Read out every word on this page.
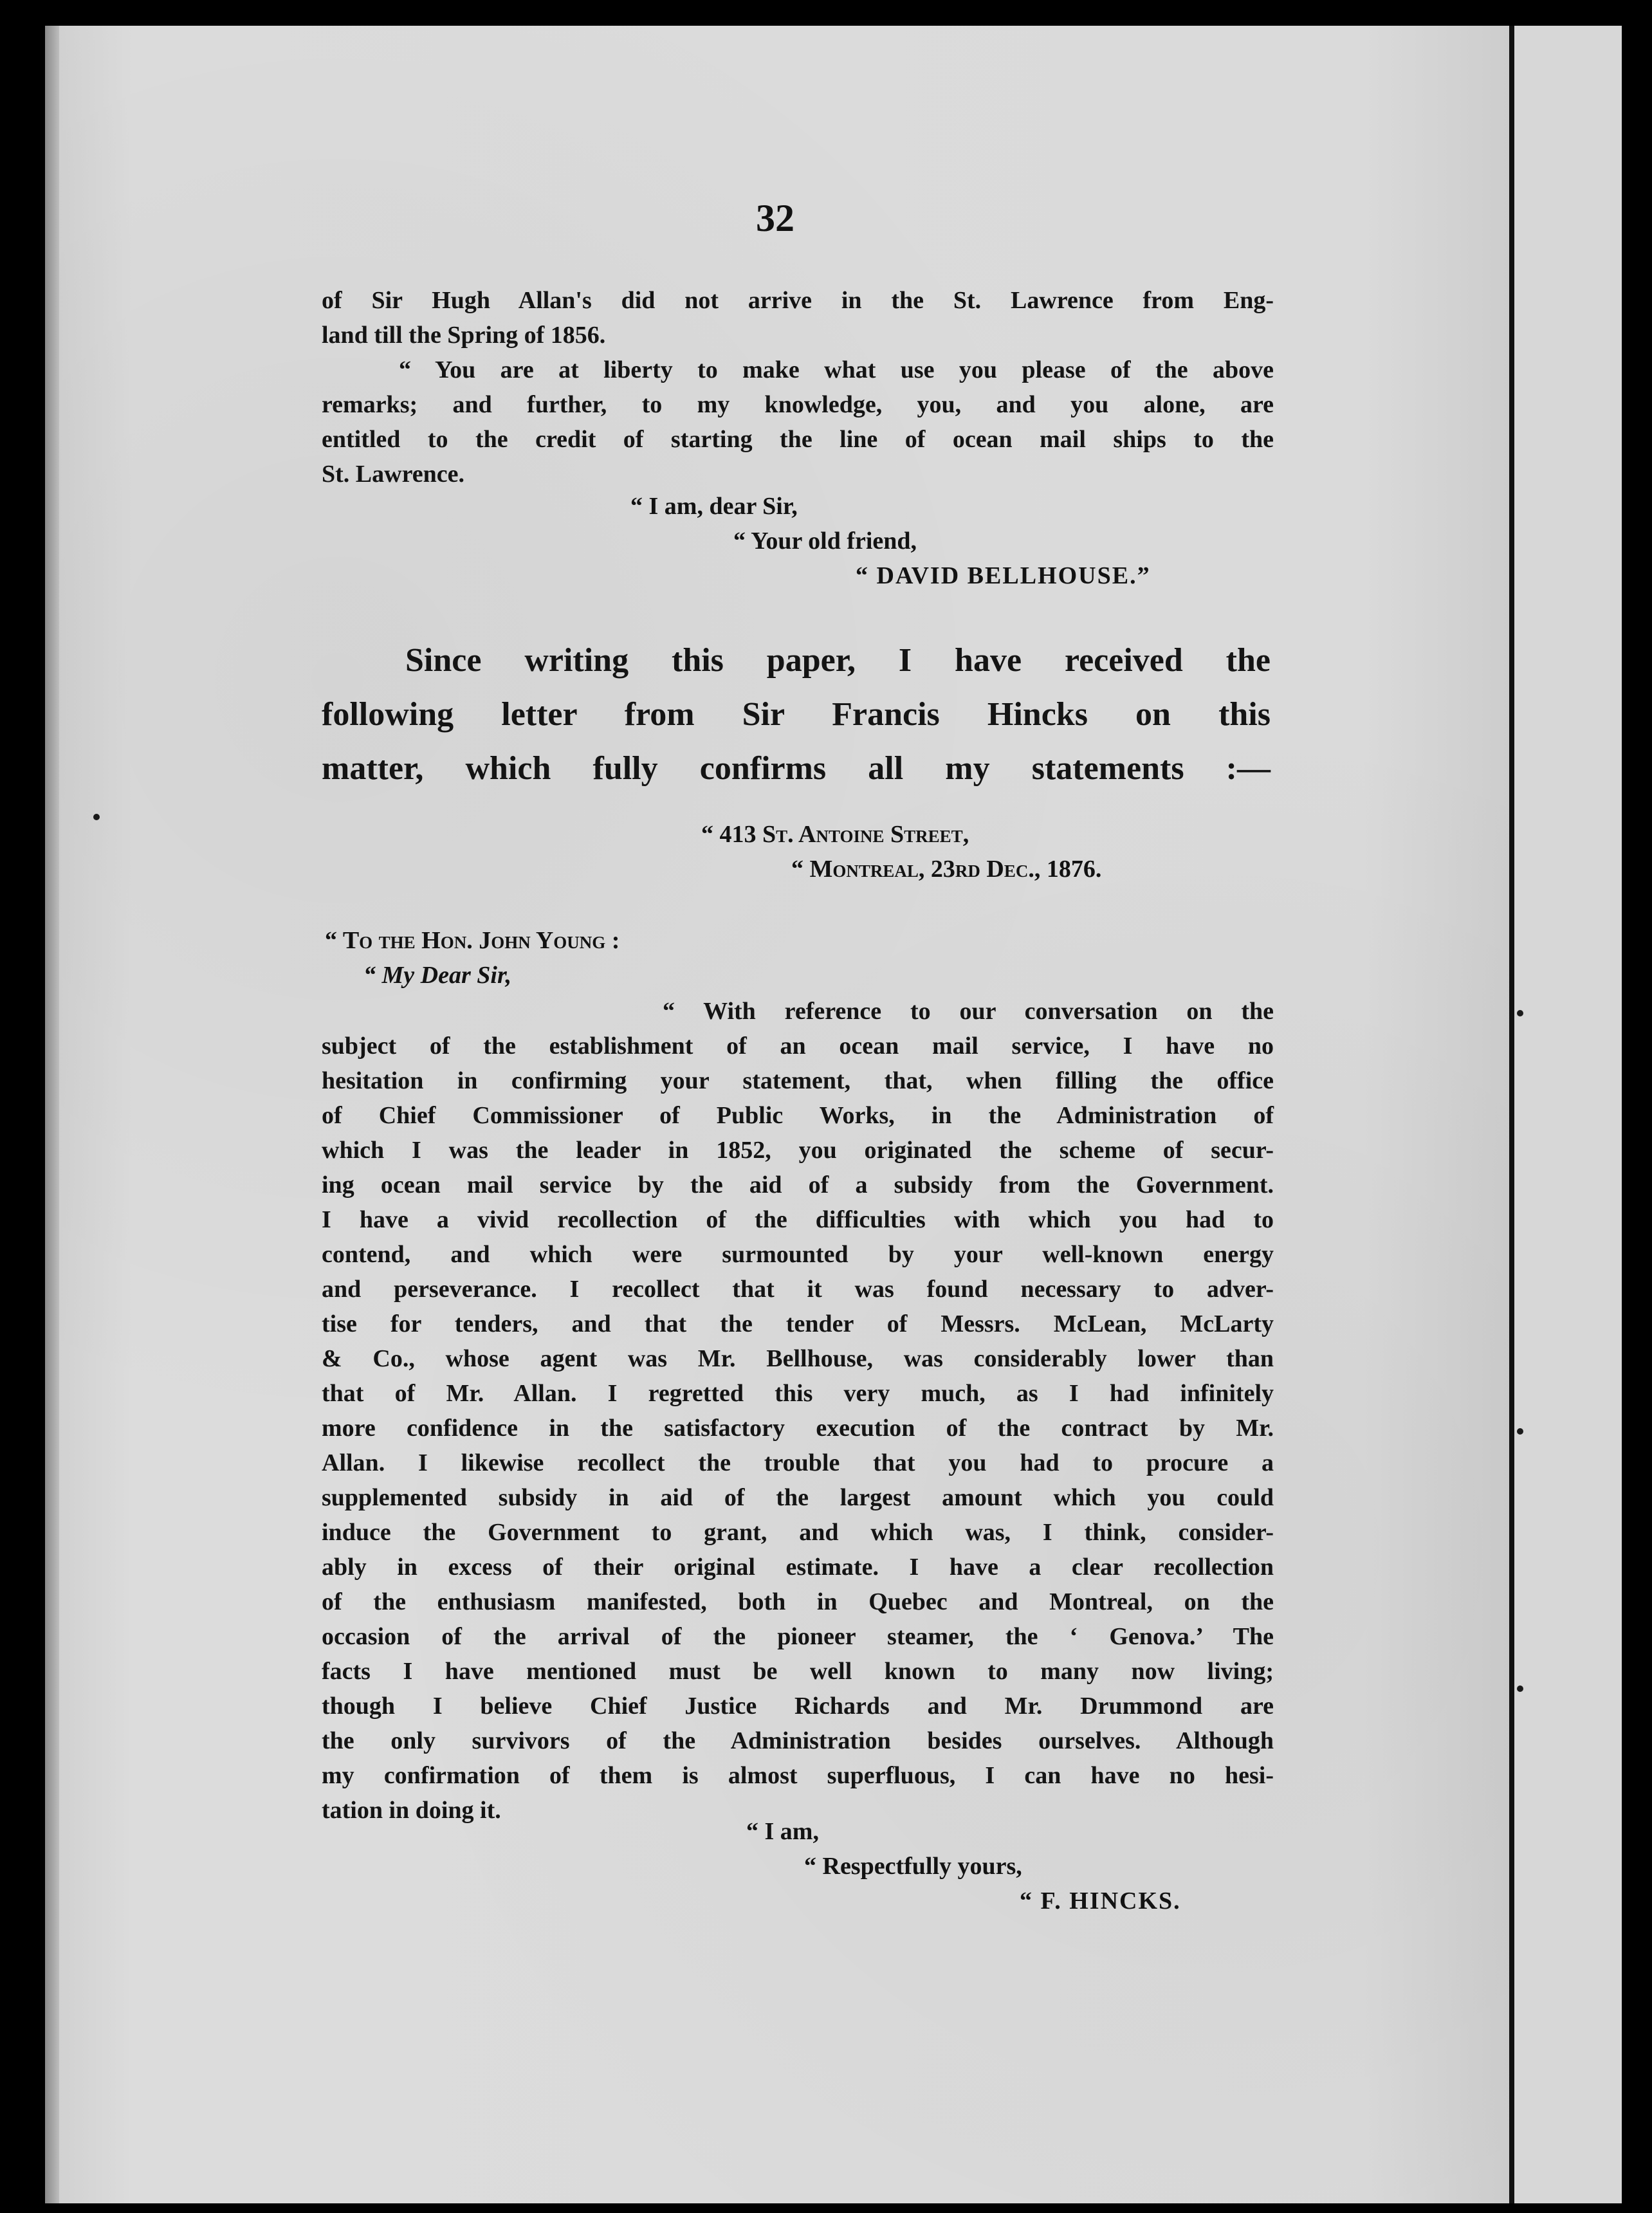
32
of Sir Hugh Allan's did not arrive in the St. Lawrence from Eng-
land till the Spring of 1856.
“ You are at liberty to make what use you please of the above
remarks; and further, to my knowledge, you, and you alone, are
entitled to the credit of starting the line of ocean mail ships to the
St. Lawrence.
“ I am, dear Sir,
“ Your old friend,
“ DAVID BELLHOUSE.”
Since writing this paper, I have received the
following letter from Sir Francis Hincks on this
matter, which fully confirms all my statements :—
“ 413 St. Antoine Street,
“ Montreal, 23rd Dec., 1876.
“ To the Hon. John Young :
“ My Dear Sir,
“ With reference to our conversation on the
subject of the establishment of an ocean mail service, I have no
hesitation in confirming your statement, that, when filling the office
of Chief Commissioner of Public Works, in the Administration of
which I was the leader in 1852, you originated the scheme of secur-
ing ocean mail service by the aid of a subsidy from the Government.
I have a vivid recollection of the difficulties with which you had to
contend, and which were surmounted by your well-known energy
and perseverance. I recollect that it was found necessary to adver-
tise for tenders, and that the tender of Messrs. McLean, McLarty
& Co., whose agent was Mr. Bellhouse, was considerably lower than
that of Mr. Allan. I regretted this very much, as I had infinitely
more confidence in the satisfactory execution of the contract by Mr.
Allan. I likewise recollect the trouble that you had to procure a
supplemented subsidy in aid of the largest amount which you could
induce the Government to grant, and which was, I think, consider-
ably in excess of their original estimate. I have a clear recollection
of the enthusiasm manifested, both in Quebec and Montreal, on the
occasion of the arrival of the pioneer steamer, the ‘ Genova.’ The
facts I have mentioned must be well known to many now living;
though I believe Chief Justice Richards and Mr. Drummond are
the only survivors of the Administration besides ourselves. Although
my confirmation of them is almost superfluous, I can have no hesi-
tation in doing it.
“ I am,
“ Respectfully yours,
“ F. HINCKS.
